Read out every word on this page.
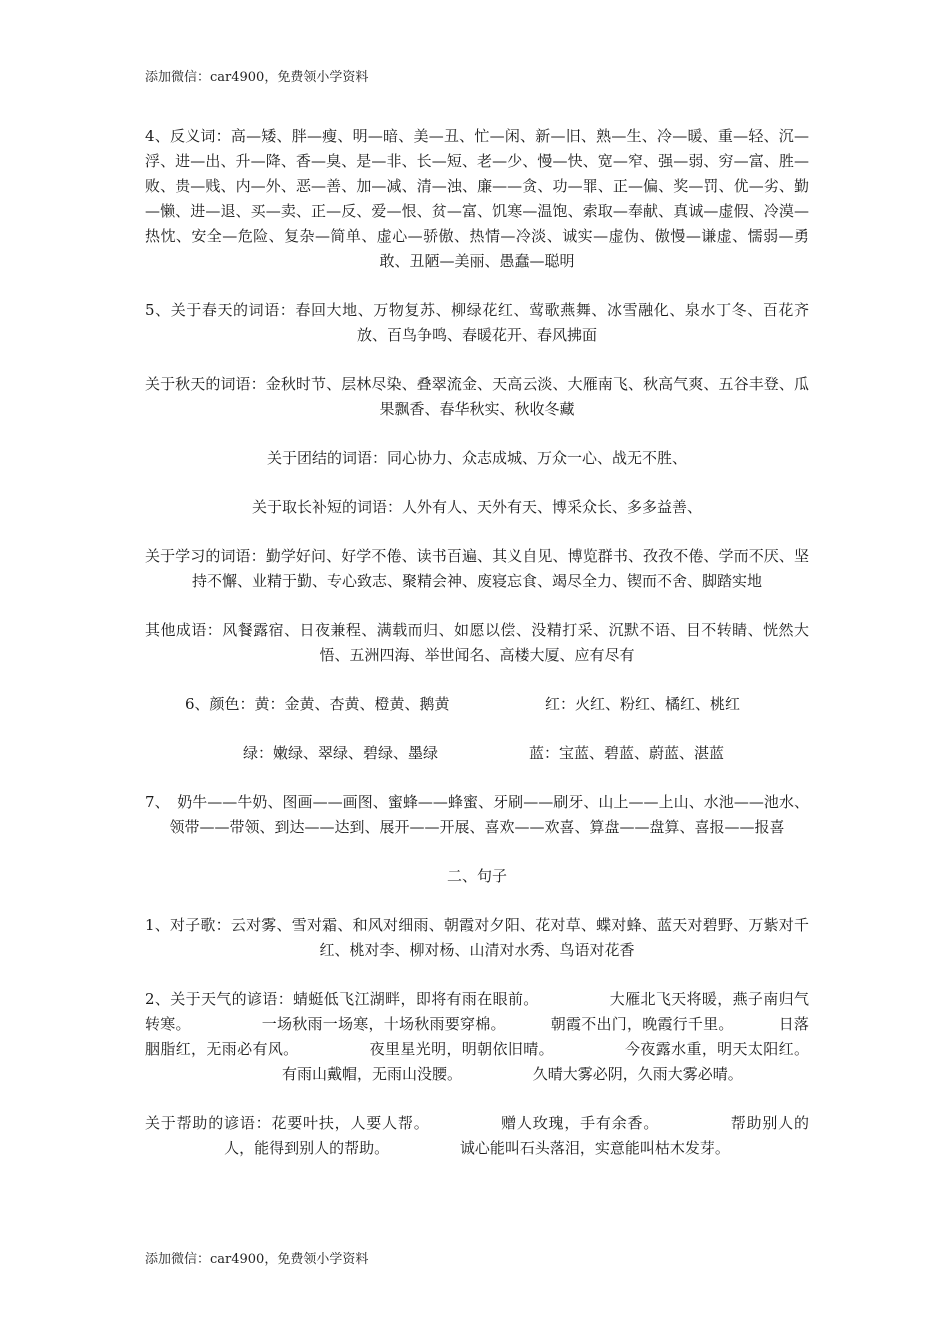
添加微信：car4900，免费领小学资料

4、反义词：高—矮、胖—瘦、明—暗、美—丑、忙—闲、新—旧、熟—生、冷—暖、重—轻、沉—浮、进—出、升—降、香—臭、是—非、长—短、老—少、慢—快、宽—窄、强—弱、穷—富、胜—败、贵—贱、内—外、恶—善、加—减、清—浊、廉——贪、功—罪、正—偏、奖—罚、优—劣、勤—懒、进—退、买—卖、正—反、爱—恨、贫—富、饥寒—温饱、索取—奉献、真诚—虚假、冷漠—热忱、安全—危险、复杂—简单、虚心—骄傲、热情—冷淡、诚实—虚伪、傲慢—谦虚、懦弱—勇敢、丑陋—美丽、愚蠢—聪明

5、关于春天的词语：春回大地、万物复苏、柳绿花红、莺歌燕舞、冰雪融化、泉水丁冬、百花齐放、百鸟争鸣、春暖花开、春风拂面

关于秋天的词语：金秋时节、层林尽染、叠翠流金、天高云淡、大雁南飞、秋高气爽、五谷丰登、瓜果飘香、春华秋实、秋收冬藏

关于团结的词语：同心协力、众志成城、万众一心、战无不胜、

关于取长补短的词语：人外有人、天外有天、博采众长、多多益善、

关于学习的词语：勤学好问、好学不倦、读书百遍、其义自见、博览群书、孜孜不倦、学而不厌、坚持不懈、业精于勤、专心致志、聚精会神、废寝忘食、竭尽全力、锲而不舍、脚踏实地

其他成语：风餐露宿、日夜兼程、满载而归、如愿以偿、没精打采、沉默不语、目不转睛、恍然大悟、五洲四海、举世闻名、高楼大厦、应有尽有

6、颜色：黄：金黄、杏黄、橙黄、鹅黄	红：火红、粉红、橘红、桃红
绿：嫩绿、翠绿、碧绿、墨绿	蓝：宝蓝、碧蓝、蔚蓝、湛蓝

7、　奶牛——牛奶、图画——画图、蜜蜂——蜂蜜、牙刷——刷牙、山上——上山、水池——池水、领带——带领、到达——达到、展开——开展、喜欢——欢喜、算盘——盘算、喜报——报喜

二、句子

1、对子歌：云对雾、雪对霜、和风对细雨、朝霞对夕阳、花对草、蝶对蜂、蓝天对碧野、万紫对千红、桃对李、柳对杨、山清对水秀、鸟语对花香

2、关于天气的谚语：蜻蜓低飞江湖畔，即将有雨在眼前。	大雁北飞天将暖，燕子南归气转寒。	一场秋雨一场寒，十场秋雨要穿棉。	朝霞不出门，晚霞行千里。	日落胭脂红，无雨必有风。	夜里星光明，明朝依旧晴。	今夜露水重，明天太阳红。 有雨山戴帽，无雨山没腰。	久晴大雾必阴，久雨大雾必晴。

关于帮助的谚语：花要叶扶，人要人帮。	赠人玫瑰，手有余香。	帮助别人的人，能得到别人的帮助。	诚心能叫石头落泪，实意能叫枯木发芽。

添加微信：car4900，免费领小学资料
